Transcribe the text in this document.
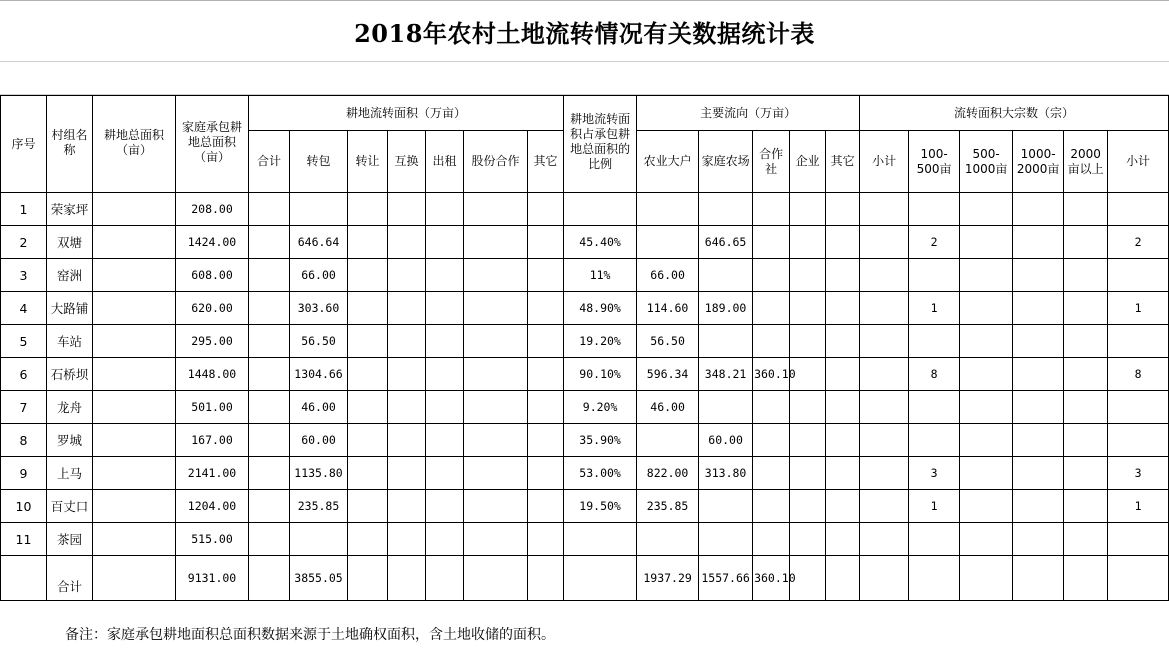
2018年农村土地流转情况有关数据统计表
序号	村组名称	耕地总面积（亩）	家庭承包耕地总面积（亩）	耕地流转面积（万亩）							耕地流转面积占承包耕地总面积的比例	主要流向（万亩）					流转面积大宗数（宗）					
				合计	转包	转让	互换	出租	股份合作	其它		农业大户	家庭农场	合作社	企业	其它	小计	100-500亩	500-1000亩	1000-2000亩	2000亩以上	小计
1	荣家坪		208.00																			
2	双塘		1424.00		646.64						45.40%		646.65					2				2
3	窑洲		608.00		66.00						11%	66.00										
4	大路铺		620.00		303.60						48.90%	114.60	189.00					1				1
5	车站		295.00		56.50						19.20%	56.50										
6	石桥坝		1448.00		1304.66						90.10%	596.34	348.21	360.10				8				8
7	龙舟		501.00		46.00						9.20%	46.00										
8	罗城		167.00		60.00						35.90%		60.00									
9	上马		2141.00		1135.80						53.00%	822.00	313.80					3				3
10	百丈口		1204.00		235.85						19.50%	235.85						1				1
11	茶园		515.00																			
	合计		9131.00		3855.05							1937.29	1557.66	360.10								
备注：家庭承包耕地面积总面积数据来源于土地确权面积，含土地收储的面积。
